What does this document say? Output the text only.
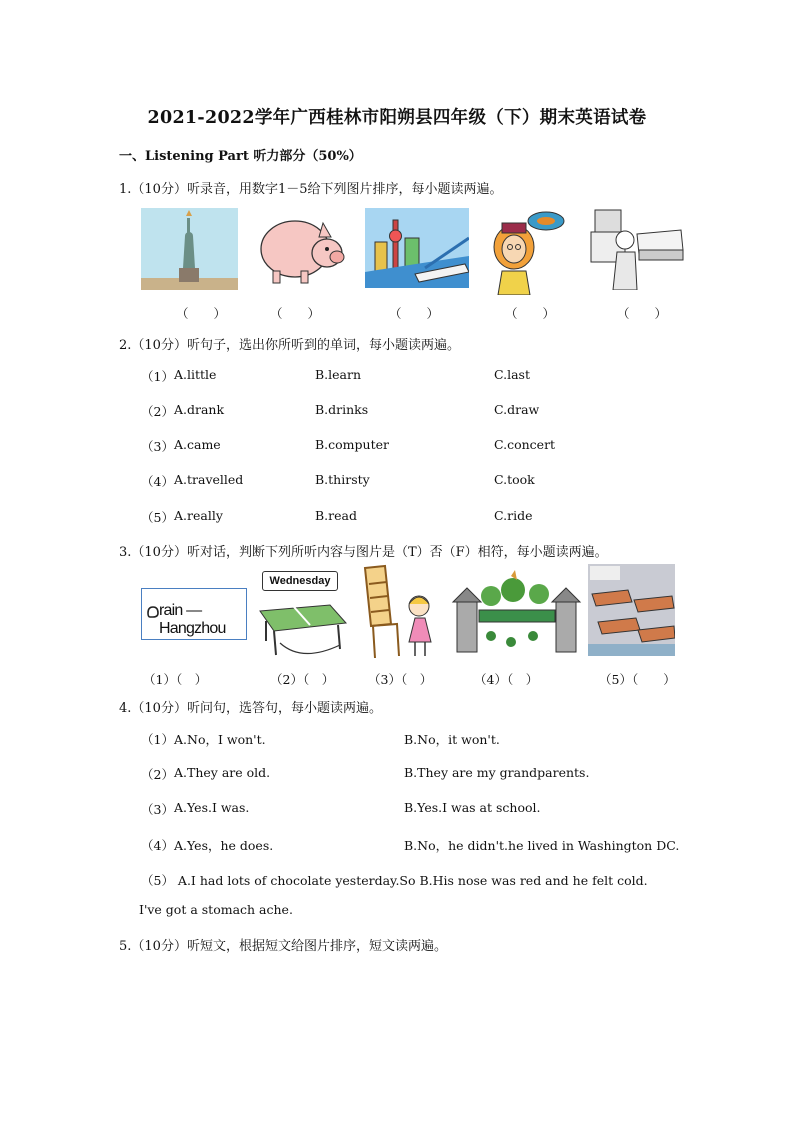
2021-2022学年广西桂林市阳朔县四年级（下）期末英语试卷
一、Listening Part 听力部分（50%）
1.（10分）听录音，用数字1－5给下列图片排序，每小题读两遍。
（　　）	（　　）	（　　）	（　　）	（　　）
2.（10分）听句子，选出你所听到的单词，每小题读两遍。
（1） A.little	B.learn	C.last
（2） A.drank	B.drinks	C.draw
（3） A.came	B.computer	C.concert
（4） A.travelled	B.thirsty	C.took
（5） A.really	B.read	C.ride
3.（10分）听对话，判断下列所听内容与图片是（T）否（F）相符，每小题读两遍。
rain — Hangzhou
Wednesday
（1）（　）	（2）（　）	（3）（　）	（4）（　）	（5）（　　）
4.（10分）听问句，选答句，每小题读两遍。
（1） A.No，I won't.	B.No，it won't.
（2） A.They are old.	B.They are my grandparents.
（3） A.Yes.I was.	B.Yes.I was at school.
（4） A.Yes，he does.	B.No，he didn't.he lived in Washington DC.
（5） A.I had lots of chocolate yesterday.So B.His nose was red and he felt cold.
I've got a stomach ache.
5.（10分）听短文，根据短文给图片排序，短文读两遍。
